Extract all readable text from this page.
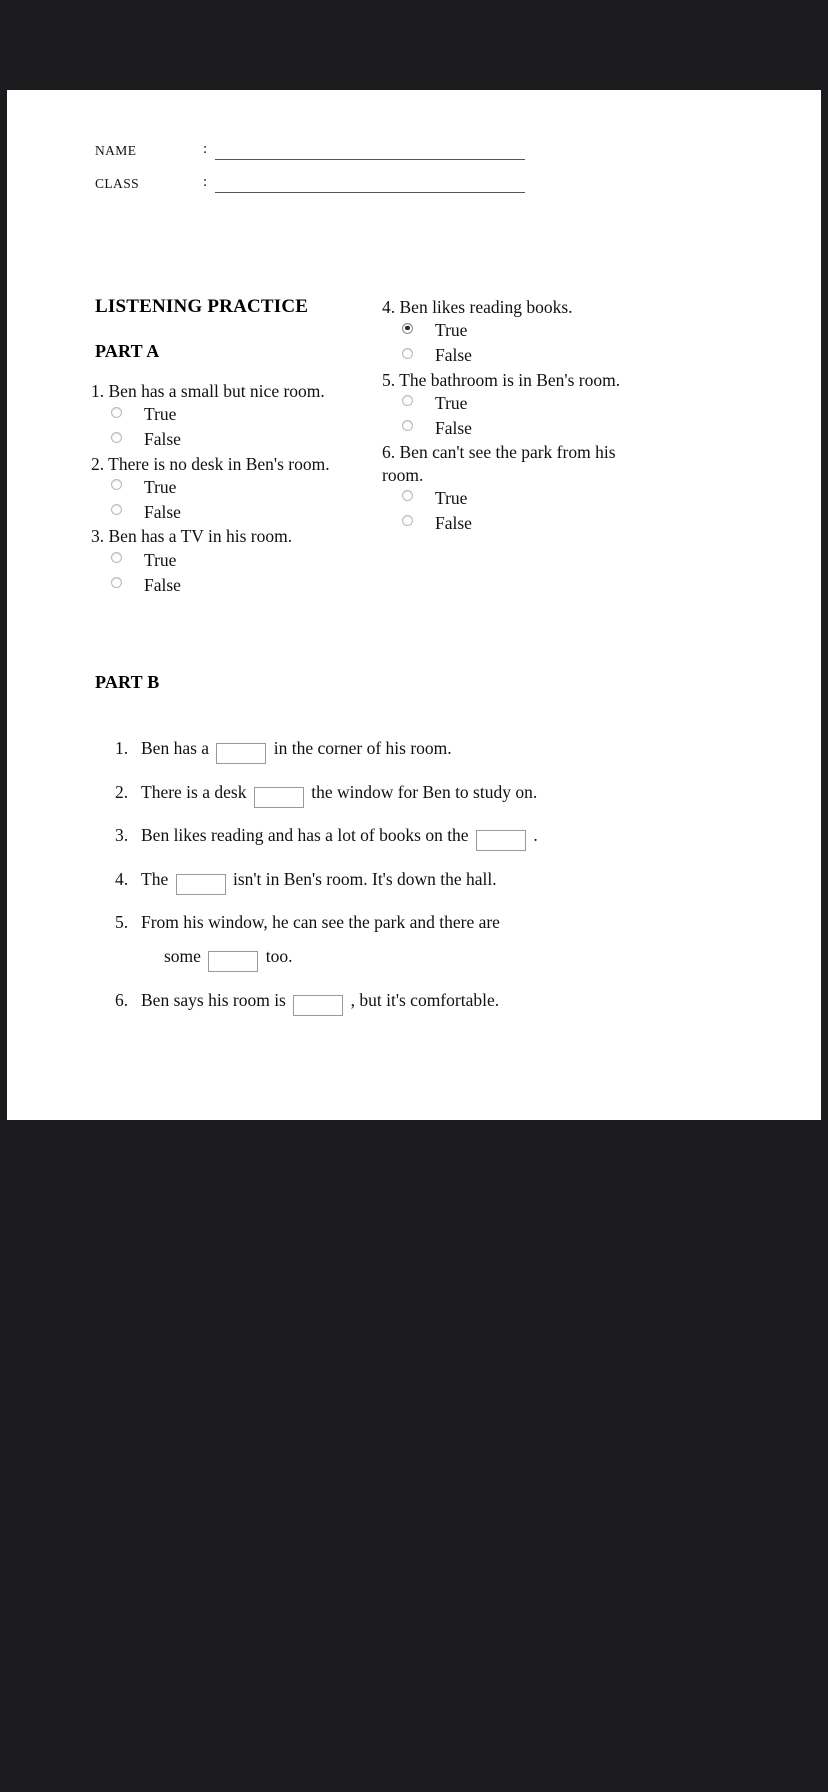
NAME	:
CLASS	:
LISTENING PRACTICE
PART A

1. Ben has a small but nice room.

True
False

2. There is no desk in Ben's room.

True
False

3. Ben has a TV in his room.

True
False

4. Ben likes reading books.

True
False

5. The bathroom is in Ben's room.

True
False

6. Ben can't see the park from his room.

True
False
PART B
1. Ben has a	in the corner of his room.
2. There is a desk	the window for Ben to study on.
3. Ben likes reading and has a lot of books on the	.
4. The	isn't in Ben's room. It's down the hall.
5. From his window, he can see the park and there are
some	too.
6. Ben says his room is	, but it's comfortable.
